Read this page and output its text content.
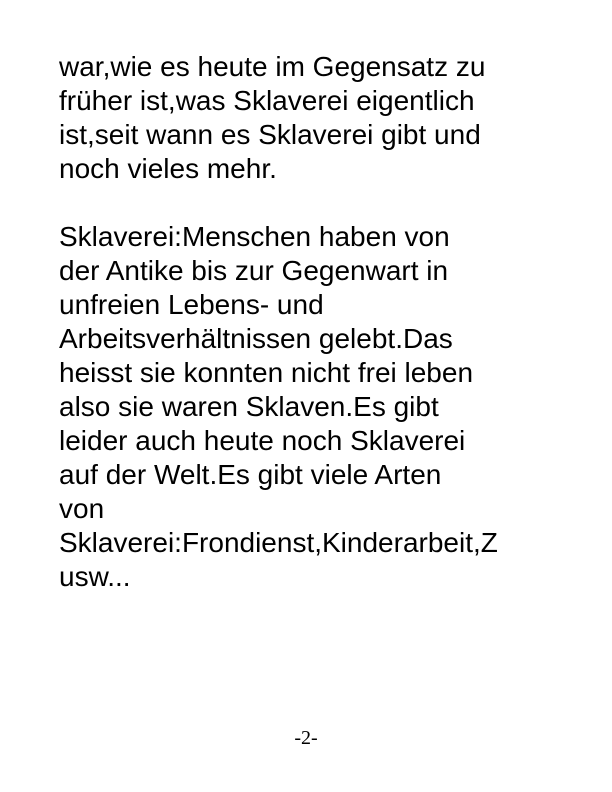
war,wie es heute im Gegensatz zu
früher ist,was Sklaverei eigentlich
ist,seit wann es Sklaverei gibt und
noch vieles mehr.
Sklaverei:Menschen haben von
der Antike bis zur Gegenwart in
unfreien Lebens- und
Arbeitsverhältnissen gelebt.Das
heisst sie konnten nicht frei leben
also sie waren Sklaven.Es gibt
leider auch heute noch Sklaverei
auf der Welt.Es gibt viele Arten
von
Sklaverei:Frondienst,Kinderarbeit,Z
usw...
-2-
